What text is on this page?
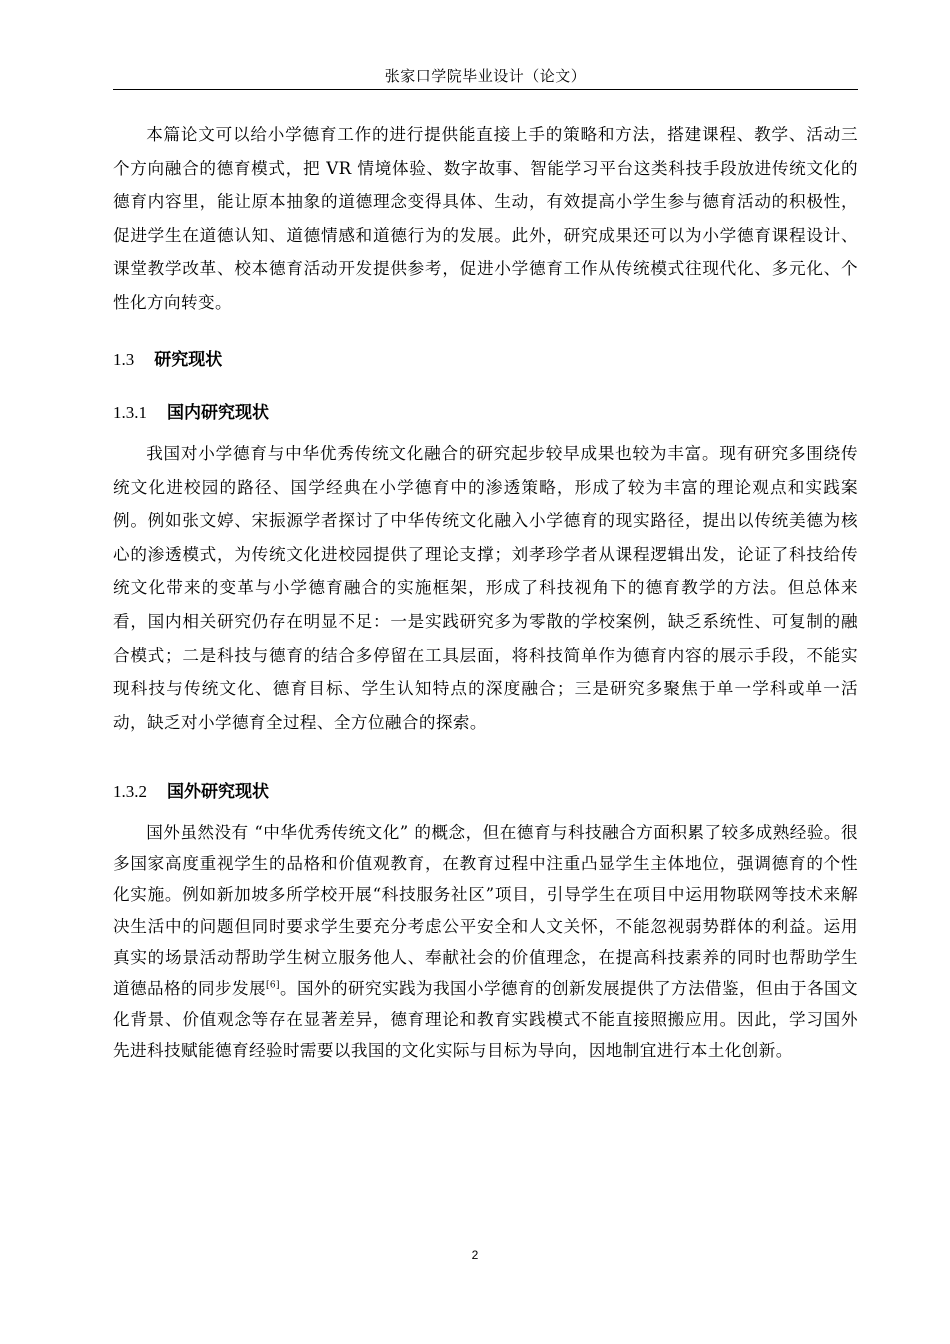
张家口学院毕业设计（论文）

本篇论文可以给小学德育工作的进行提供能直接上手的策略和方法，搭建课程、教学、活动三个方向融合的德育模式，把 VR 情境体验、数字故事、智能学习平台这类科技手段放进传统文化的德育内容里，能让原本抽象的道德理念变得具体、生动，有效提高小学生参与德育活动的积极性，促进学生在道德认知、道德情感和道德行为的发展。此外，研究成果还可以为小学德育课程设计、课堂教学改革、校本德育活动开发提供参考，促进小学德育工作从传统模式往现代化、多元化、个性化方向转变。

1.3 研究现状
1.3.1 国内研究现状

我国对小学德育与中华优秀传统文化融合的研究起步较早成果也较为丰富。现有研究多围绕传统文化进校园的路径、国学经典在小学德育中的渗透策略，形成了较为丰富的理论观点和实践案例。例如张文婷、宋振源学者探讨了中华传统文化融入小学德育的现实路径，提出以传统美德为核心的渗透模式，为传统文化进校园提供了理论支撑；刘孝珍学者从课程逻辑出发，论证了科技给传统文化带来的变革与小学德育融合的实施框架，形成了科技视角下的德育教学的方法。但总体来看，国内相关研究仍存在明显不足：一是实践研究多为零散的学校案例，缺乏系统性、可复制的融合模式；二是科技与德育的结合多停留在工具层面，将科技简单作为德育内容的展示手段，不能实现科技与传统文化、德育目标、学生认知特点的深度融合；三是研究多聚焦于单一学科或单一活动，缺乏对小学德育全过程、全方位融合的探索。

1.3.2 国外研究现状

国外虽然没有 “中华优秀传统文化” 的概念，但在德育与科技融合方面积累了较多成熟经验。很多国家高度重视学生的品格和价值观教育，在教育过程中注重凸显学生主体地位，强调德育的个性化实施。例如新加坡多所学校开展“科技服务社区”项目，引导学生在项目中运用物联网等技术来解决生活中的问题但同时要求学生要充分考虑公平安全和人文关怀，不能忽视弱势群体的利益。运用真实的场景活动帮助学生树立服务他人、奉献社会的价值理念，在提高科技素养的同时也帮助学生道德品格的同步发展[6]。国外的研究实践为我国小学德育的创新发展提供了方法借鉴，但由于各国文化背景、价值观念等存在显著差异，德育理论和教育实践模式不能直接照搬应用。因此，学习国外先进科技赋能德育经验时需要以我国的文化实际与目标为导向，因地制宜进行本土化创新。

2
